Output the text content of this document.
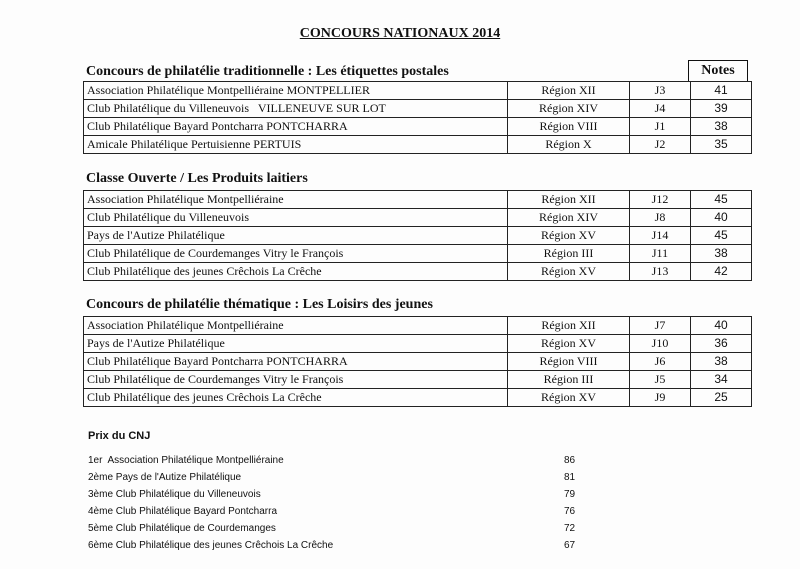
CONCOURS NATIONAUX 2014
Concours de philatélie traditionnelle : Les étiquettes postales	Notes
Association Philatélique Montpelliéraine MONTPELLIER	Région XII	J3	41
Club Philatélique du Villeneuvois   VILLENEUVE SUR LOT	Région XIV	J4	39
Club Philatélique Bayard Pontcharra PONTCHARRA	Région VIII	J1	38
Amicale Philatélique Pertuisienne PERTUIS	Région X	J2	35
Classe Ouverte / Les Produits laitiers
Association Philatélique Montpelliéraine	Région XII	J12	45
Club Philatélique du Villeneuvois	Région XIV	J8	40
Pays de l'Autize Philatélique	Région XV	J14	45
Club Philatélique de Courdemanges Vitry le François	Région III	J11	38
Club Philatélique des jeunes Crêchois La Crêche	Région XV	J13	42
Concours de philatélie thématique : Les Loisirs des jeunes
Association Philatélique Montpelliéraine	Région XII	J7	40
Pays de l'Autize Philatélique	Région XV	J10	36
Club Philatélique Bayard Pontcharra PONTCHARRA	Région VIII	J6	38
Club Philatélique de Courdemanges Vitry le François	Région III	J5	34
Club Philatélique des jeunes Crêchois La Crêche	Région XV	J9	25
Prix du CNJ
1er  Association Philatélique Montpelliéraine	86
2ème Pays de l'Autize Philatélique	81
3ème Club Philatélique du Villeneuvois	79
4ème Club Philatélique Bayard Pontcharra	76
5ème Club Philatélique de Courdemanges	72
6ème Club Philatélique des jeunes Crêchois La Crêche	67
